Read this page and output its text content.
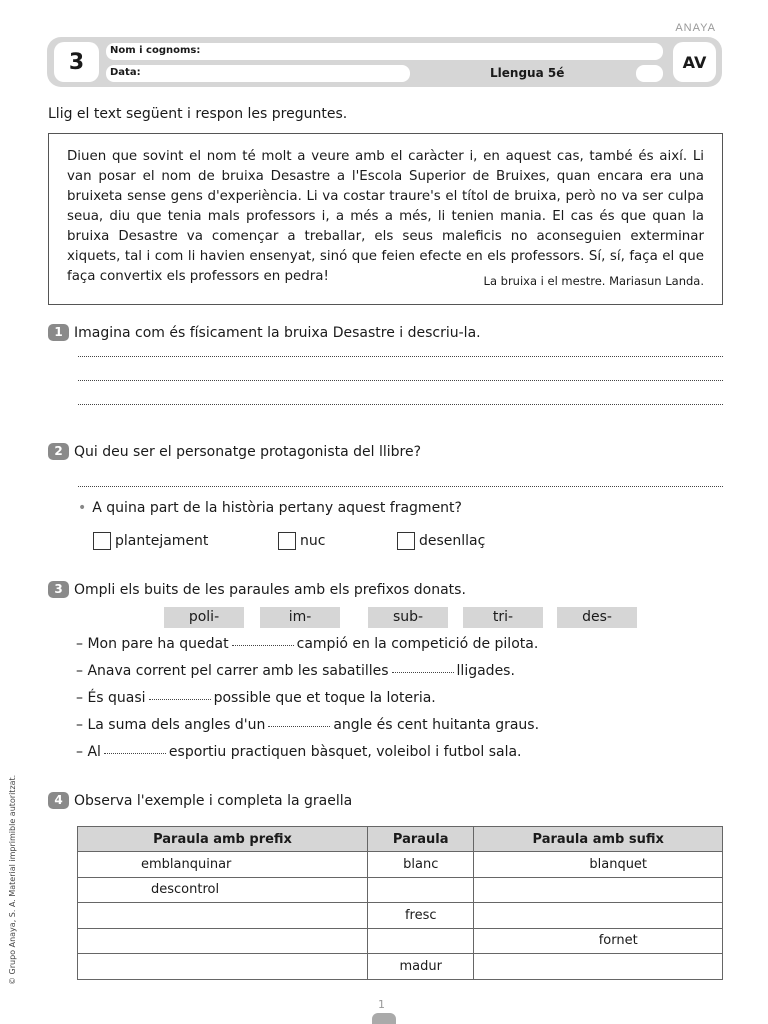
ANAYA
3	Nom i cognoms:
Data:	Llengua 5é
AV
Llig el text següent i respon les preguntes.

Diuen que sovint el nom té molt a veure amb el caràcter i, en aquest cas, també és així. Li van posar el nom de bruixa Desastre a l'Escola Superior de Bruixes, quan encara era una bruixeta sense gens d'experiència. Li va costar traure's el títol de bruixa, però no va ser culpa seua, diu que tenia mals professors i, a més a més, li tenien mania. El cas és que quan la bruixa Desastre va començar a treballar, els seus maleficis no aconseguien exterminar xiquets, tal i com li havien ensenyat, sinó que feien efecte en els professors. Sí, sí, faça el que faça convertix els professors en pedra!	La bruixa i el mestre. Mariasun Landa.
1 Imagina com és físicament la bruixa Desastre i descriu-la.
2 Qui deu ser el personatge protagonista del llibre?
• A quina part de la història pertany aquest fragment?
plantejament	nuc	desenllaç
3 Ompli els buits de les paraules amb els prefixos donats.
poli-	im-	sub-	tri-	des-
– Mon pare ha quedat	campió en la competició de pilota.
– Anava corrent pel carrer amb les sabatilles	lligades.
– És quasi	possible que et toque la loteria.
– La suma dels angles d'un	angle és cent huitanta graus.
– Al	esportiu practiquen bàsquet, voleibol i futbol sala.
4 Observa l'exemple i completa la graella
Paraula amb prefix	Paraula	Paraula amb sufix
emblanquinar	blanc	blanquet
descontrol		
	fresc	
		fornet
	madur	
© Grupo Anaya, S. A. Material imprimible autoritzat.
1
